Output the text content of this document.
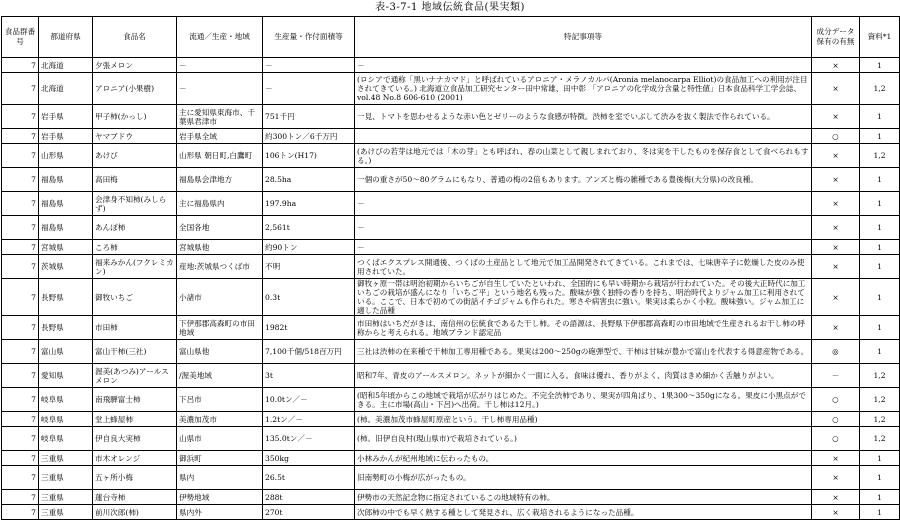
表-3-7-1 地域伝統食品(果実類)
食品群番号	都道府県	食品名	流通／生産・地域	生産量・作付面積等	特記事項等	成分データ保有の有無	資料*1
7	北海道	夕張メロン	－	－	－	×	1
7	北海道	アロニア(小果樹)	－	－	(ロシアで通称「黒いナナカマド」と呼ばれているアロニア・メラノカルパ(Aronia melanocarpa Elliot)の食品加工への利用が注目されてきている。) 北海道立食品加工研究センター田中常雄、田中彰 「アロニアの化学成分含量と特性値」日本食品科学工学会誌、vol.48 No.8 606-610 (2001)	×	1,2
7	岩手県	甲子柿(かっし)	主に愛知県東海市、千葉県君津市	751千円	一見、トマトを思わせるような赤い色とゼリーのような食感が特徴。渋柿を室でいぶして渋みを抜く製法で作られている。	×	1
7	岩手県	ヤマブドウ	岩手県全域	約300トン／6千万円		○	1
7	山形県	あけび	山形県 朝日町,白鷹町	106トン(H17)	(あけびの若芽は地元では「木の芽」とも呼ばれ、春の山菜として親しまれており、冬は実を干したものを保存食として食べられもする。)	×	1,2
7	福島県	高田梅	福島県会津地方	28.5ha	一個の重さが50～80グラムにもなり、普通の梅の2倍もあります。アンズと梅の雑種である豊後梅(大分県)の改良種。	×	1
7	福島県	会津身不知柿(みしらず)	主に福島県内	197.9ha	－	×	1
7	福島県	あんぽ柿	全国各地	2,561t	－	×	1
7	宮城県	ころ柿	宮城県他	約90トン	－	×	1
7	茨城県	福来みかん(フクレミカン)	産地:茨城県つくば市	不明	つくばエクスプレス開通後、つくばの土産品として地元で加工品開発されてきている。これまでは、七味唐辛子に乾燥した皮のみ使用されていた。	×	1
7	長野県	御牧いちご	小諸市	0.3t	御牧ヶ原一帯は明治初期からいちごが自生していたといわれ、全国的にも早い時期から栽培が行われていた。その後大正時代に加工いちごの栽培が盛んになり「いちご平」という地名も残った。酸味が強く独特の香りを持ち、明治時代よりジャム加工に利用されている。ここで、日本で初めての街話イチゴジャムも作られた。寒さや病害虫に強い。果実は柔らかく小粒。酸味強い。ジャム加工に適した品種	×	1
7	長野県	市田柿	下伊那郡高森町の市田地域	1982t	市田柿はいちだがきは、南信州の伝統食であるた干し柿。その語源は、長野県下伊那郡高森町の市田地域で生産されるお干し柿の呼称からと考えられる。地域ブランド認定品	×	1
7	富山県	富山干柿(三社)	富山県他	7,100千個/518百万円	三社は渋柿の在来種で干柿加工専用種である。果実は200～250gの砲弾型で、干柿は甘味が豊かで富山を代表する得意産物である。	◎	1
7	愛知県	渥美(あつみ)アールスメロン	/渥美地域	3t	昭和7年、青皮のアールスメロン。ネットが細かく一面に入る。食味は優れ、香りがよく、肉質はきめ細かく舌触りがよい。	－	1,2
7	岐阜県	南飛騨富士柿	下呂市	10.0tン／－	(昭和5年頃からこの地域で栽培が広がりはじめた。不完全渋柿であり、果実が四角ばり、1果300～350gになる。果皮に小黒点ができる。主に市場(高山・下呂)へ出荷。干し柿は12月。)	○	1,2
7	岐阜県	堂上蜂屋柿	美濃加茂市	1.2tン／－	(柿。美濃加茂市蜂屋町原産という。干し柿専用品種)	○	1,2
7	岐阜県	伊自良大実柿	山県市	135.0tン／－	(柿。旧伊自良村(現山県市)で栽培されている。)	○	1,2
7	三重県	市木オレンジ	御浜町	350kg	小林みかんが紀州地域に伝わったもの。	×	1
7	三重県	五ヶ所小梅	県内	26.5t	旧南勢町の小梅が広がったもの。	×	1
7	三重県	蓮台寺柿	伊勢地域	288t	伊勢市の天然記念物に指定されているこの地域特有の柿。	×	1
7	三重県	前川次郎(柿)	県内外	270t	次郎柿の中でも早く熟する種として発見され、広く栽培されるようになった品種。	×	1
